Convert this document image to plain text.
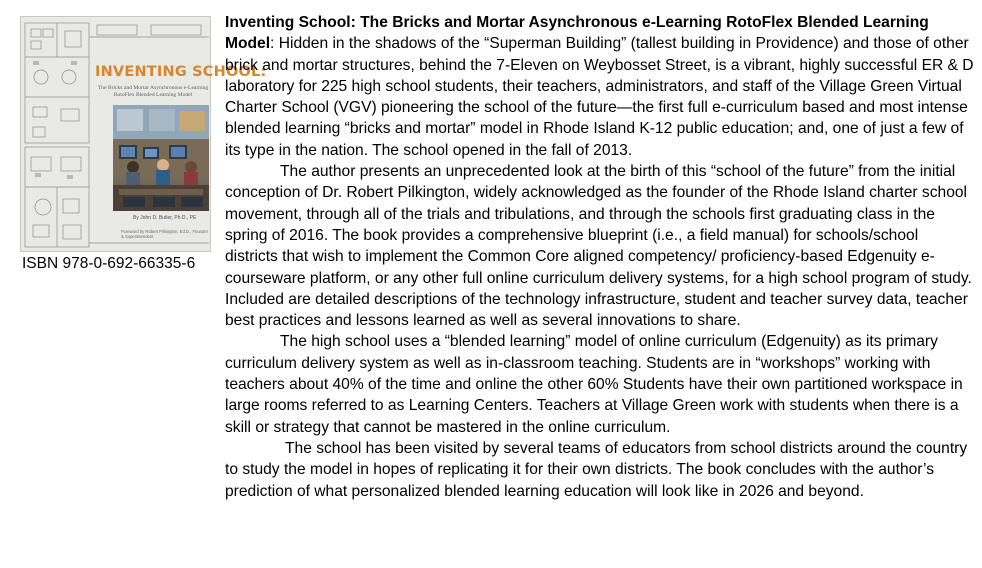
INVENTING SCHOOL:
The Bricks and Mortar Asynchronous e-Learning RotoFlex Blended Learning Model
By John D. Butler, Ph.D., PE
Foreword by Robert Pilkington, Ed.D., Founder & Superintendent
ISBN 978-0-692-66335-6

Inventing School: The Bricks and Mortar Asynchronous e-Learning RotoFlex Blended Learning Model: Hidden in the shadows of the “Superman Building” (tallest building in Providence) and those of other brick and mortar structures, behind the 7-Eleven on Weybosset Street, is a vibrant, highly successful ER & D laboratory for 225 high school students, their teachers, administrators, and staff of the Village Green Virtual Charter School (VGV) pioneering the school of the future—the first full e-curriculum based and most intense blended learning “bricks and mortar” model in Rhode Island K-12 public education; and, one of just a few of its type in the nation. The school opened in the fall of 2013.

The author presents an unprecedented look at the birth of this “school of the future” from the initial conception of Dr. Robert Pilkington, widely acknowledged as the founder of the Rhode Island charter school movement, through all of the trials and tribulations, and through the schools first graduating class in the spring of 2016. The book provides a comprehensive blueprint (i.e., a field manual) for schools/school districts that wish to implement the Common Core aligned competency/ proficiency-based Edgenuity e-courseware platform, or any other full online curriculum delivery systems, for a high school program of study. Included are detailed descriptions of the technology infrastructure, student and teacher survey data, teacher best practices and lessons learned as well as several innovations to share.

The high school uses a “blended learning” model of online curriculum (Edgenuity) as its primary curriculum delivery system as well as in-classroom teaching. Students are in “workshops” working with teachers about 40% of the time and online the other 60% Students have their own partitioned workspace in large rooms referred to as Learning Centers. Teachers at Village Green work with students when there is a skill or strategy that cannot be mastered in the online curriculum.

The school has been visited by several teams of educators from school districts around the country to study the model in hopes of replicating it for their own districts. The book concludes with the author’s prediction of what personalized blended learning education will look like in 2026 and beyond.
